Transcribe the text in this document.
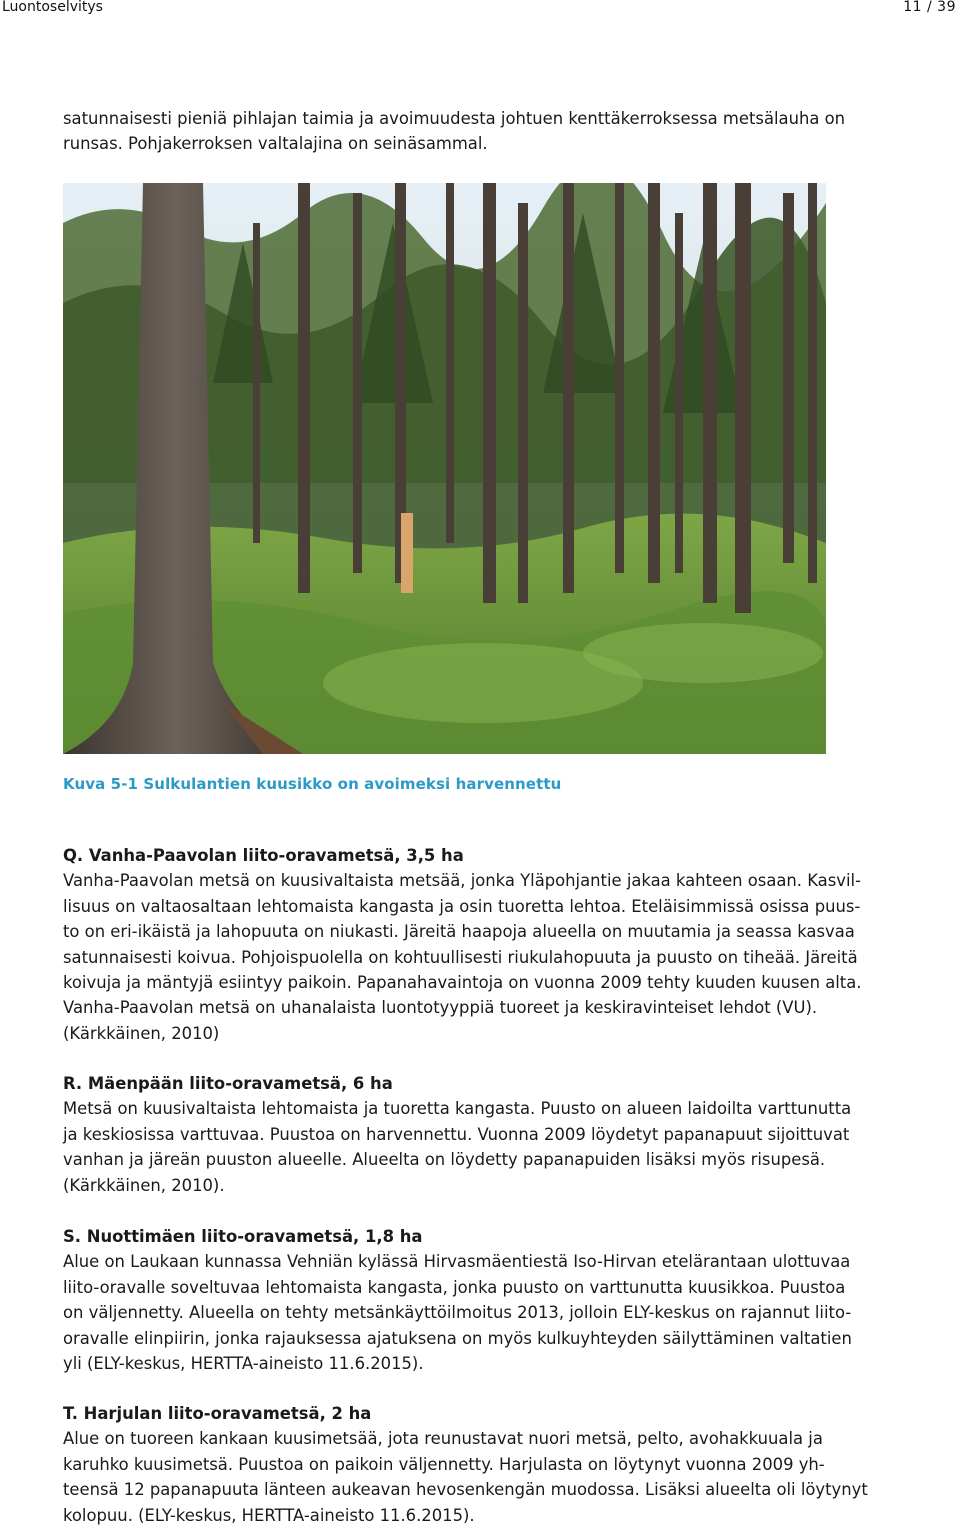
Luontoselvitys	11 / 39

satunnaisesti pieniä pihlajan taimia ja avoimuudesta johtuen kenttäkerroksessa metsälauha on
runsas. Pohjakerroksen valtalajina on seinäsammal.

Kuva 5-1 Sulkulantien kuusikko on avoimeksi harvennettu

Q. Vanha-Paavolan liito-oravametsä, 3,5 ha
Vanha-Paavolan metsä on kuusivaltaista metsää, jonka Yläpohjantie jakaa kahteen osaan. Kasvil-
lisuus on valtaosaltaan lehtomaista kangasta ja osin tuoretta lehtoa. Eteläisimmissä osissa puus-
to on eri-ikäistä ja lahopuuta on niukasti. Järeitä haapoja alueella on muutamia ja seassa kasvaa
satunnaisesti koivua. Pohjoispuolella on kohtuullisesti riukulahopuuta ja puusto on tiheää. Järeitä
koivuja ja mäntyjä esiintyy paikoin. Papanahavaintoja on vuonna 2009 tehty kuuden kuusen alta.
Vanha-Paavolan metsä on uhanalaista luontotyyppiä tuoreet ja keskiravinteiset lehdot (VU).
(Kärkkäinen, 2010)

R. Mäenpään liito-oravametsä, 6 ha
Metsä on kuusivaltaista lehtomaista ja tuoretta kangasta. Puusto on alueen laidoilta varttunutta
ja keskiosissa varttuvaa. Puustoa on harvennettu. Vuonna 2009 löydetyt papanapuut sijoittuvat
vanhan ja järeän puuston alueelle. Alueelta on löydetty papanapuiden lisäksi myös risupesä.
(Kärkkäinen, 2010).

S. Nuottimäen liito-oravametsä, 1,8 ha
Alue on Laukaan kunnassa Vehniän kylässä Hirvasmäentiestä Iso-Hirvan etelärantaan ulottuvaa
liito-oravalle soveltuvaa lehtomaista kangasta, jonka puusto on varttunutta kuusikkoa. Puustoa
on väljennetty. Alueella on tehty metsänkäyttöilmoitus 2013, jolloin ELY-keskus on rajannut liito-
oravalle elinpiirin, jonka rajauksessa ajatuksena on myös kulkuyhteyden säilyttäminen valtatien
yli (ELY-keskus, HERTTA-aineisto 11.6.2015).

T. Harjulan liito-oravametsä, 2 ha
Alue on tuoreen kankaan kuusimetsää, jota reunustavat nuori metsä, pelto, avohakkuuala ja
karuhko kuusimetsä. Puustoa on paikoin väljennetty. Harjulasta on löytynyt vuonna 2009 yh-
teensä 12 papanapuuta länteen aukeavan hevosenkengän muodossa. Lisäksi alueelta oli löytynyt
kolopuu. (ELY-keskus, HERTTA-aineisto 11.6.2015).
